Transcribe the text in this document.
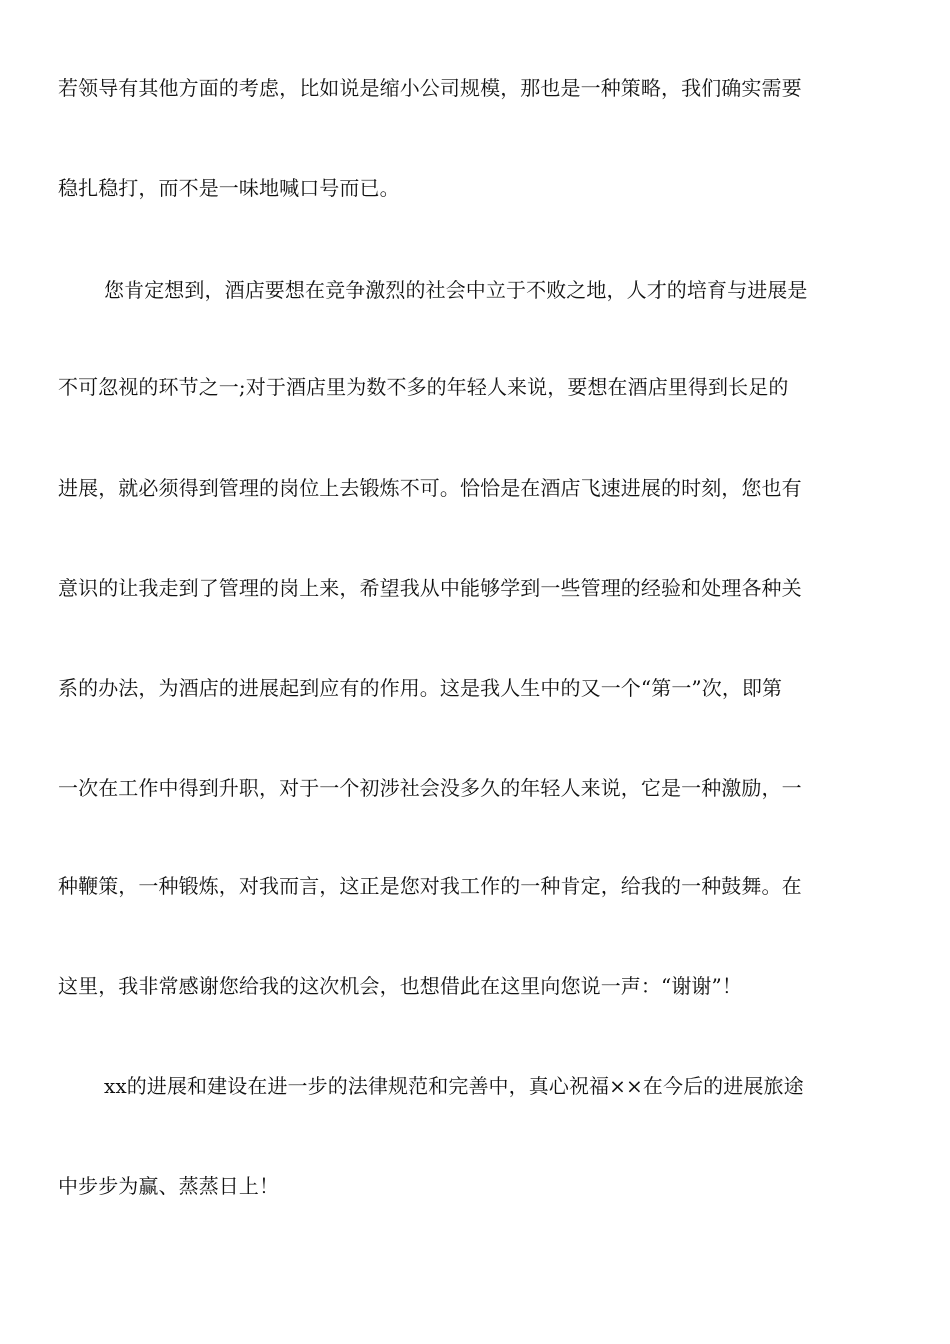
若领导有其他方面的考虑，比如说是缩小公司规模，那也是一种策略，我们确实需要
稳扎稳打，而不是一味地喊口号而已。
您肯定想到，酒店要想在竞争激烈的社会中立于不败之地，人才的培育与进展是
不可忽视的环节之一;对于酒店里为数不多的年轻人来说，要想在酒店里得到长足的
进展，就必须得到管理的岗位上去锻炼不可。恰恰是在酒店飞速进展的时刻，您也有
意识的让我走到了管理的岗上来，希望我从中能够学到一些管理的经验和处理各种关
系的办法，为酒店的进展起到应有的作用。这是我人生中的又一个“第一”次，即第
一次在工作中得到升职，对于一个初涉社会没多久的年轻人来说，它是一种激励，一
种鞭策，一种锻炼，对我而言，这正是您对我工作的一种肯定，给我的一种鼓舞。在
这里，我非常感谢您给我的这次机会，也想借此在这里向您说一声：“谢谢”！
xx的进展和建设在进一步的法律规范和完善中，真心祝福××在今后的进展旅途
中步步为赢、蒸蒸日上！
